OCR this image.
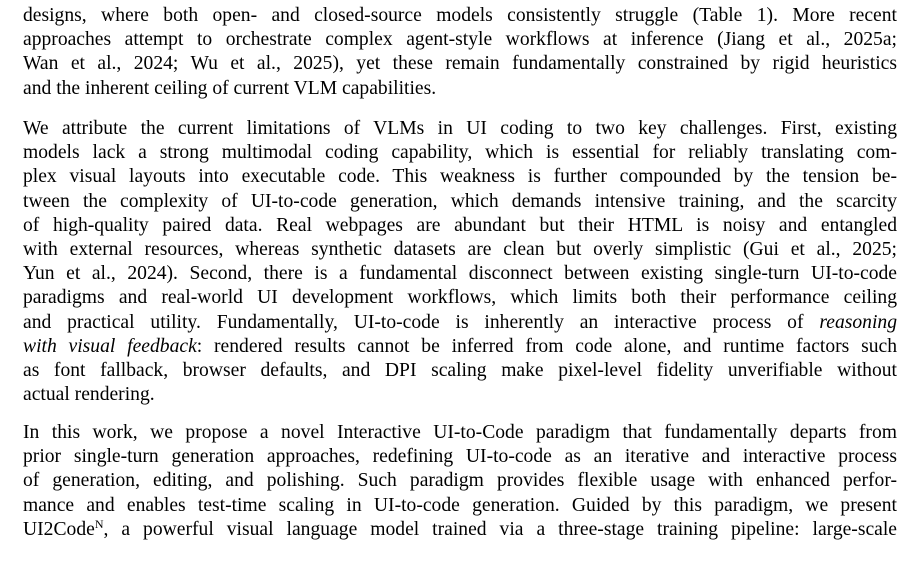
designs, where both open- and closed-source models consistently struggle (Table 1). More recent
approaches attempt to orchestrate complex agent-style workflows at inference (Jiang et al., 2025a;
Wan et al., 2024; Wu et al., 2025), yet these remain fundamentally constrained by rigid heuristics
and the inherent ceiling of current VLM capabilities.
We attribute the current limitations of VLMs in UI coding to two key challenges. First, existing
models lack a strong multimodal coding capability, which is essential for reliably translating com-
plex visual layouts into executable code. This weakness is further compounded by the tension be-
tween the complexity of UI-to-code generation, which demands intensive training, and the scarcity
of high-quality paired data. Real webpages are abundant but their HTML is noisy and entangled
with external resources, whereas synthetic datasets are clean but overly simplistic (Gui et al., 2025;
Yun et al., 2024). Second, there is a fundamental disconnect between existing single-turn UI-to-code
paradigms and real-world UI development workflows, which limits both their performance ceiling
and practical utility. Fundamentally, UI-to-code is inherently an interactive process of reasoning
with visual feedback: rendered results cannot be inferred from code alone, and runtime factors such
as font fallback, browser defaults, and DPI scaling make pixel-level fidelity unverifiable without
actual rendering.
In this work, we propose a novel Interactive UI-to-Code paradigm that fundamentally departs from
prior single-turn generation approaches, redefining UI-to-code as an iterative and interactive process
of generation, editing, and polishing. Such paradigm provides flexible usage with enhanced perfor-
mance and enables test-time scaling in UI-to-code generation. Guided by this paradigm, we present
UI2Code$^N$, a powerful visual language model trained via a three-stage training pipeline: large-scale
